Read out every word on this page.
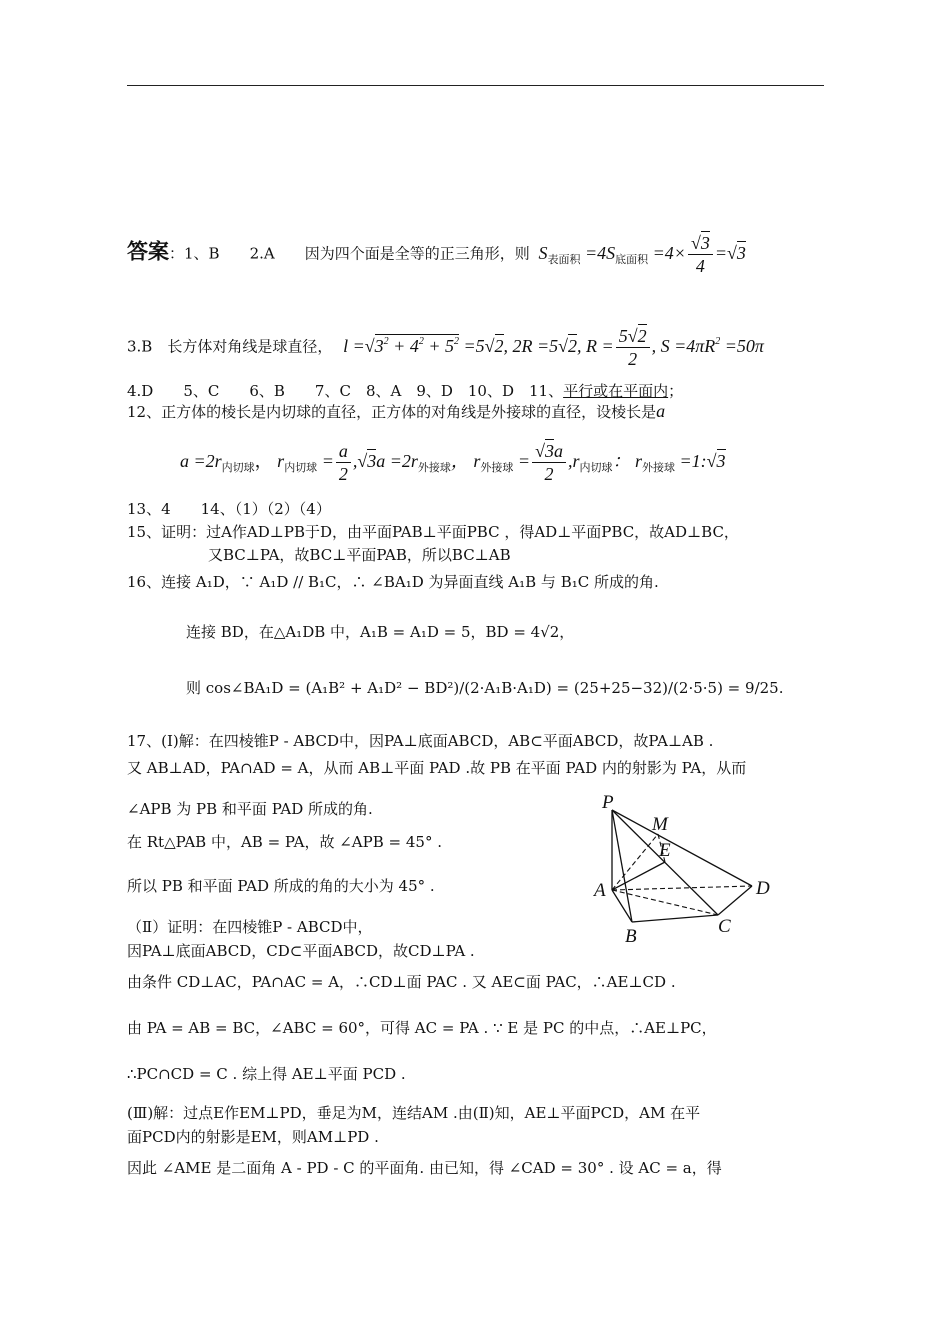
答案：1、B　　2.A　　因为四个面是全等的正三角形，则 $S_{表面积} =4S_{底面积} =4\times \frac{√3}{4} =√3$
3.B　长方体对角线是球直径， $l =√3^2 + 4^2 + 5^2 =5√2$, 2R =5√2, $R = \frac{5√2}{2}$ , $S =4\pi R^2 =50\pi$
4.D　　5、C　　6、B　　7、C　8、A　9、D　10、D　11、平行或在平面内；
12、正方体的棱长是内切球的直径，正方体的对角线是外接球的直径，设棱长是a
$a =2r_{内切球}$， $r_{内切球} = \frac{a}{2} ,√3a =2r_{外接球}$， $r_{外接球} = \frac{√3a}{2} ,r_{内切球}$： $r_{外接球}$ =1:√3
13、4　　14、（1）（2）（4）
15、证明：过A作AD⊥PB于D，由平面PAB⊥平面PBC ，得AD⊥平面PBC，故AD⊥BC，
又BC⊥PA，故BC⊥平面PAB，所以BC⊥AB
16、连接 A₁D，∵ A₁D // B₁C，∴ ∠BA₁D 为异面直线 A₁B 与 B₁C 所成的角.
连接 BD，在△A₁DB 中，A₁B = A₁D = 5，BD = 4√2，
则 cos∠BA₁D = (A₁B² + A₁D² − BD²)/(2·A₁B·A₁D) = (25+25−32)/(2·5·5) = 9/25.
17、(Ⅰ)解：在四棱锥P - ABCD中，因PA⊥底面ABCD，AB⊂平面ABCD，故PA⊥AB .
又 AB⊥AD，PA∩AD = A，从而 AB⊥平面 PAD .故 PB 在平面 PAD 内的射影为 PA，从而
∠APB 为 PB 和平面 PAD 所成的角.
在 Rt△PAB 中，AB = PA，故 ∠APB = 45° .
所以 PB 和平面 PAD 所成的角的大小为 45° .
（Ⅱ）证明：在四棱锥P - ABCD中，
因PA⊥底面ABCD，CD⊂平面ABCD，故CD⊥PA .
由条件 CD⊥AC，PA∩AC = A，∴CD⊥面 PAC . 又 AE⊂面 PAC，∴AE⊥CD .
由 PA = AB = BC，∠ABC = 60°，可得 AC = PA . ∵ E 是 PC 的中点，∴AE⊥PC，
∴PC∩CD = C . 综上得 AE⊥平面 PCD .
(Ⅲ)解：过点E作EM⊥PD，垂足为M，连结AM .由(Ⅱ)知，AE⊥平面PCD，AM 在平
面PCD内的射影是EM，则AM⊥PD .
因此 ∠AME 是二面角 A - PD - C 的平面角. 由已知，得 ∠CAD = 30° . 设 AC = a，得
P
M
E
A	D
B	C
